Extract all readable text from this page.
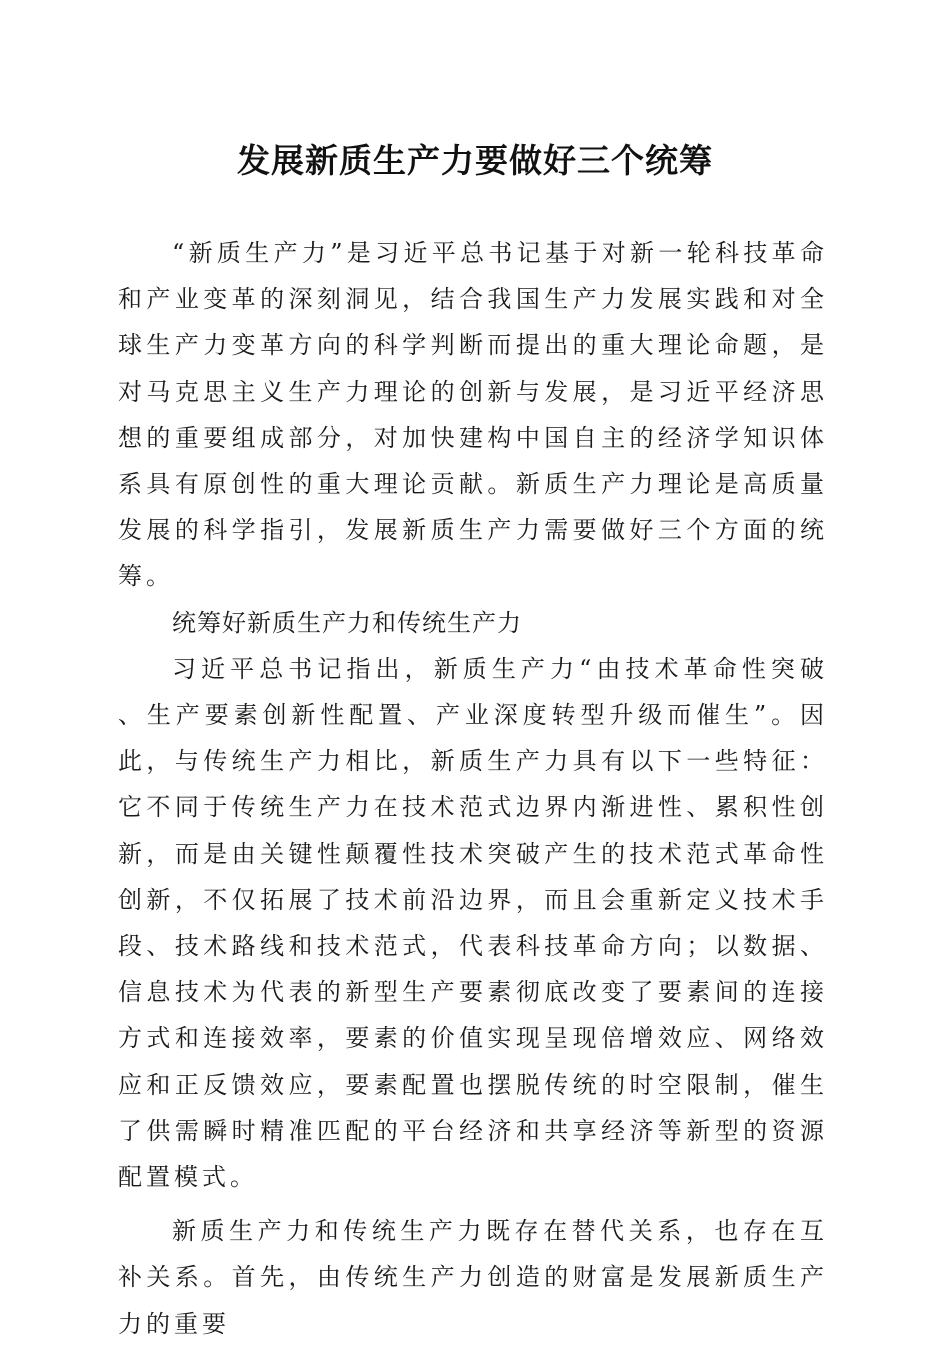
发展新质生产力要做好三个统筹

“新质生产力”是习近平总书记基于对新一轮科技革命和产业变革的深刻洞见，结合我国生产力发展实践和对全球生产力变革方向的科学判断而提出的重大理论命题，是对马克思主义生产力理论的创新与发展，是习近平经济思想的重要组成部分，对加快建构中国自主的经济学知识体系具有原创性的重大理论贡献。新质生产力理论是高质量发展的科学指引，发展新质生产力需要做好三个方面的统筹。

统筹好新质生产力和传统生产力

习近平总书记指出，新质生产力“由技术革命性突破、生产要素创新性配置、产业深度转型升级而催生”。因此，与传统生产力相比，新质生产力具有以下一些特征：它不同于传统生产力在技术范式边界内渐进性、累积性创新，而是由关键性颠覆性技术突破产生的技术范式革命性创新，不仅拓展了技术前沿边界，而且会重新定义技术手段、技术路线和技术范式，代表科技革命方向；以数据、信息技术为代表的新型生产要素彻底改变了要素间的连接方式和连接效率，要素的价值实现呈现倍增效应、网络效应和正反馈效应，要素配置也摆脱传统的时空限制，催生了供需瞬时精准匹配的平台经济和共享经济等新型的资源配置模式。

新质生产力和传统生产力既存在替代关系，也存在互补关系。首先，由传统生产力创造的财富是发展新质生产力的重要
